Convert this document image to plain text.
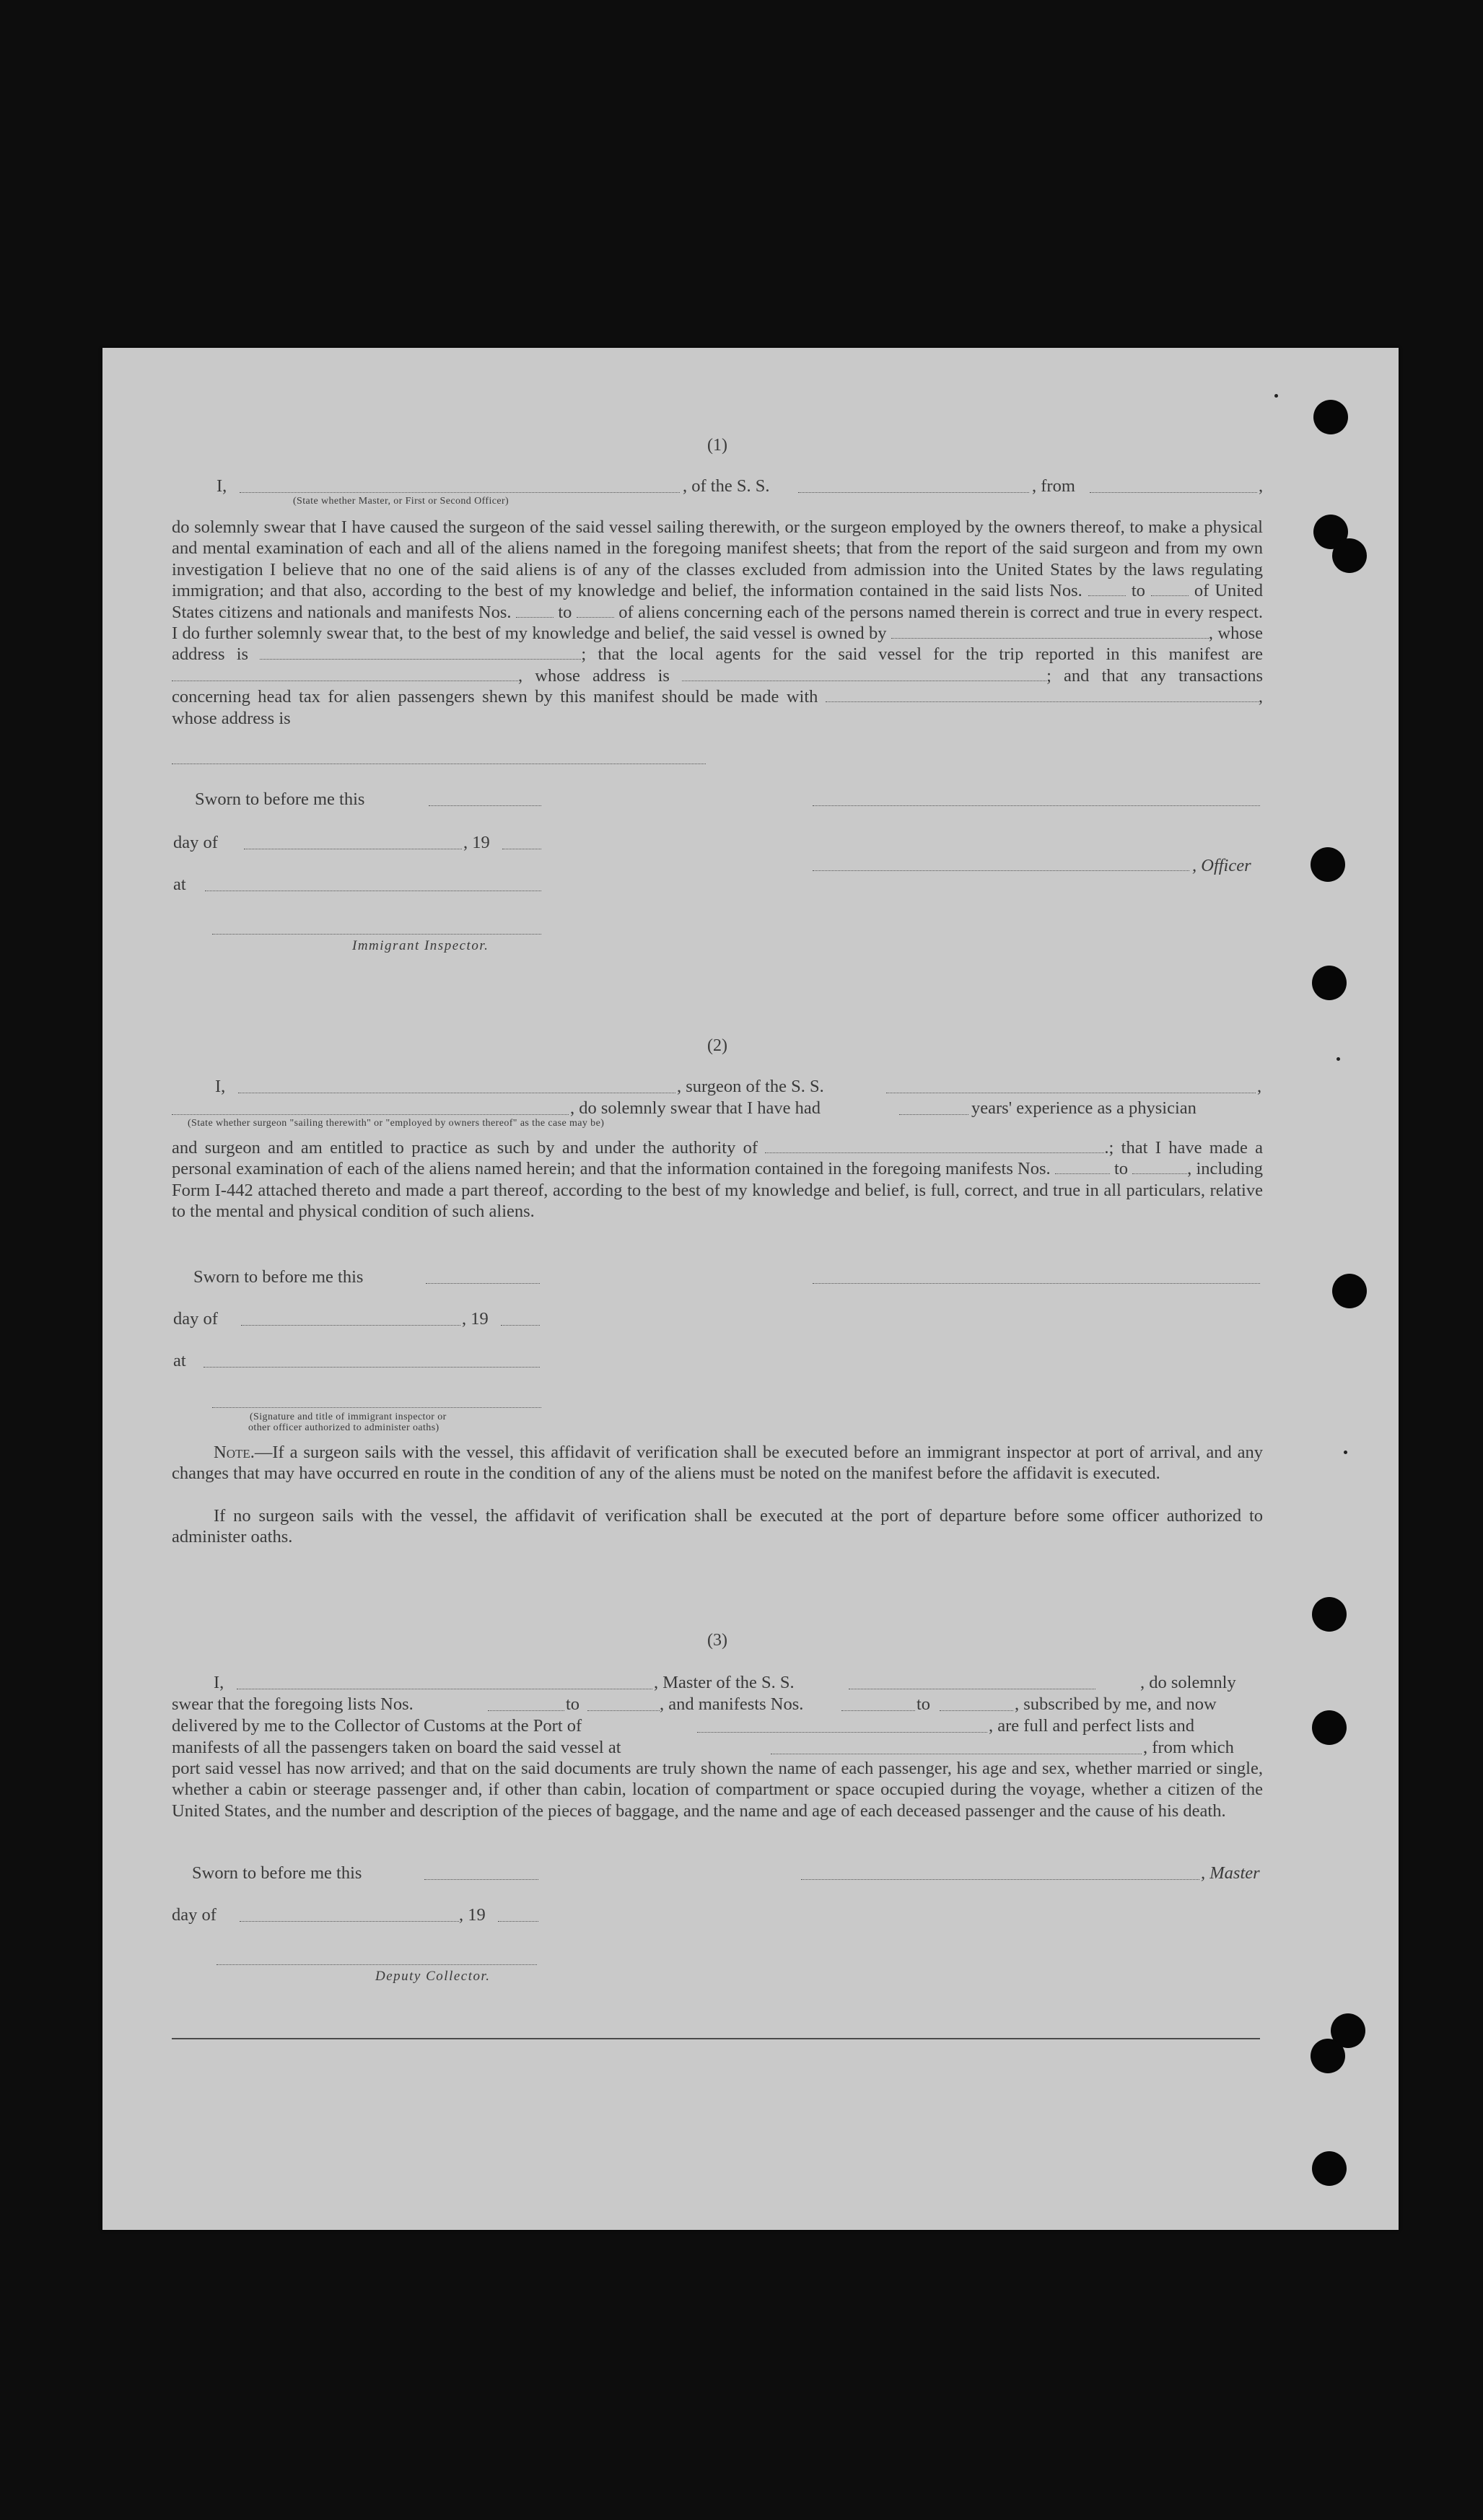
(1)
I,	, of the S. S.	, from	,
(State whether Master, or First or Second Officer)
do solemnly swear that I have caused the surgeon of the said vessel sailing therewith, or the surgeon employed by the owners thereof, to make a physical and mental examination of each and all of the aliens named in the foregoing manifest sheets; that from the report of the said surgeon and from my own investigation I believe that no one of the said aliens is of any of the classes excluded from admission into the United States by the laws regulating immigration; and that also, according to the best of my knowledge and belief, the information contained in the said lists Nos.	to	of United States citizens and nationals and manifests Nos.	to	of aliens concerning each of the persons named therein is correct and true in every respect. I do further solemnly swear that, to the best of my knowledge and belief, the said vessel is owned by	, whose address is	; that the local agents for the said vessel for the trip reported in this manifest are , whose address is	; and that any transactions concerning head tax for alien passengers shewn by this manifest should be made with	, whose address is
Sworn to before me this
day of	, 19
, Officer
at
Immigrant Inspector.
(2)
I,	, surgeon of the S. S.	,
, do solemnly swear that I have had	years' experience as a physician
(State whether surgeon "sailing therewith" or "employed by owners thereof" as the case may be)
and surgeon and am entitled to practice as such by and under the authority of	.; that I have made a personal examination of each of the aliens named herein; and that the information contained in the foregoing manifests Nos.	to	, including Form I-442 attached thereto and made a part thereof, according to the best of my knowledge and belief, is full, correct, and true in all particulars, relative to the mental and physical condition of such aliens.
Sworn to before me this
day of	, 19
at
(Signature and title of immigrant inspector or
other officer authorized to administer oaths)
Note.—If a surgeon sails with the vessel, this affidavit of verification shall be executed before an immigrant inspector at port of arrival, and any changes that may have occurred en route in the condition of any of the aliens must be noted on the manifest before the affidavit is executed.
If no surgeon sails with the vessel, the affidavit of verification shall be executed at the port of departure before some officer authorized to administer oaths.
(3)
I,	, Master of the S. S.	, do solemnly
swear that the foregoing lists Nos.	to	, and manifests Nos.	to	, subscribed by me, and now
delivered by me to the Collector of Customs at the Port of	, are full and perfect lists and
manifests of all the passengers taken on board the said vessel at	, from which
port said vessel has now arrived; and that on the said documents are truly shown the name of each passenger, his age and sex, whether married or single, whether a cabin or steerage passenger and, if other than cabin, location of compartment or space occupied during the voyage, whether a citizen of the United States, and the number and description of the pieces of baggage, and the name and age of each deceased passenger and the cause of his death.
Sworn to before me this	, Master
day of	, 19
Deputy Collector.
